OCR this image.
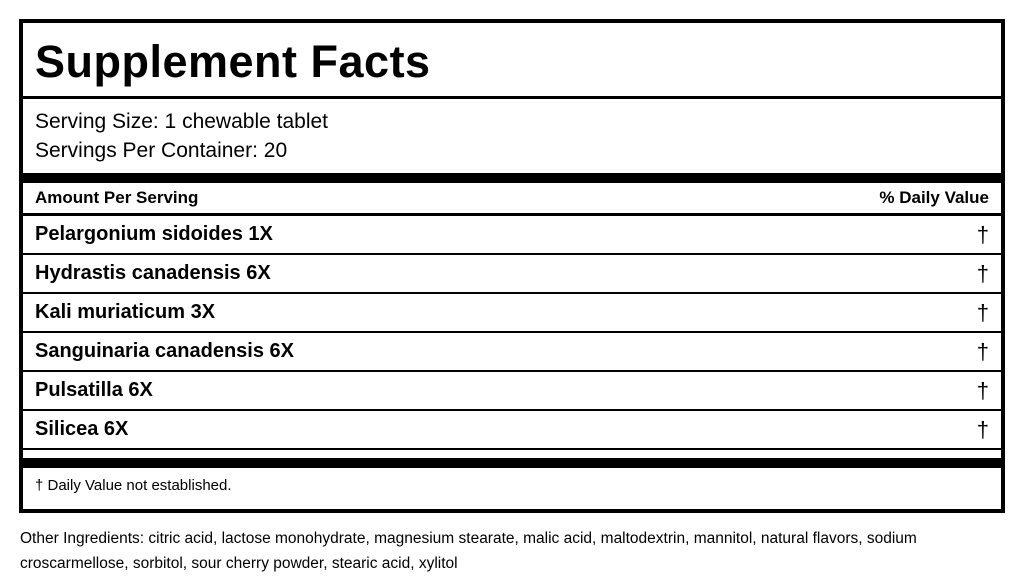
Supplement Facts
Serving Size: 1 chewable tablet
Servings Per Container: 20
Amount Per Serving	% Daily Value
Pelargonium sidoides 1X	†
Hydrastis canadensis 6X	†
Kali muriaticum 3X	†
Sanguinaria canadensis 6X	†
Pulsatilla 6X	†
Silicea 6X	†
† Daily Value not established.
Other Ingredients: citric acid, lactose monohydrate, magnesium stearate, malic acid, maltodextrin, mannitol, natural flavors, sodium croscarmellose, sorbitol, sour cherry powder, stearic acid, xylitol
